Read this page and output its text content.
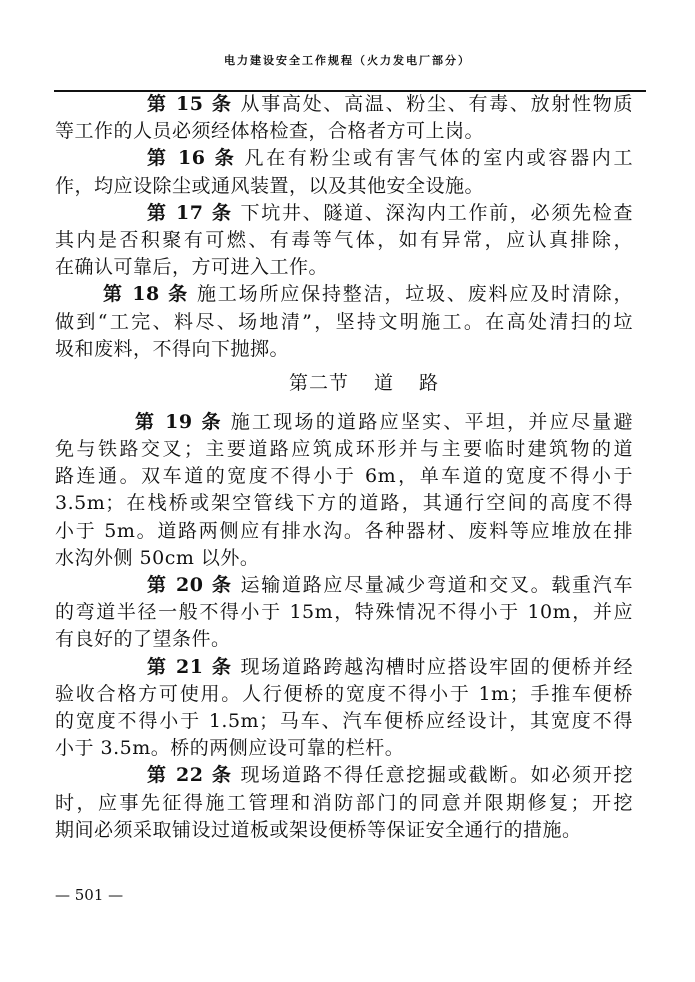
电力建设安全工作规程（火力发电厂部分）
第 15 条 从事高处、高温、粉尘、有毒、放射性物质
等工作的人员必须经体格检查，合格者方可上岗。
第 16 条 凡在有粉尘或有害气体的室内或容器内工
作，均应设除尘或通风装置，以及其他安全设施。
第 17 条 下坑井、隧道、深沟内工作前，必须先检查
其内是否积聚有可燃、有毒等气体，如有异常，应认真排除，
在确认可靠后，方可进入工作。
第 18 条 施工场所应保持整洁，垃圾、废料应及时清除，
做到“工完、料尽、场地清”，坚持文明施工。在高处清扫的垃
圾和废料，不得向下抛掷。
第二节 道 路
第 19 条 施工现场的道路应坚实、平坦，并应尽量避
免与铁路交叉；主要道路应筑成环形并与主要临时建筑物的道
路连通。双车道的宽度不得小于 6m，单车道的宽度不得小于
3.5m；在栈桥或架空管线下方的道路，其通行空间的高度不得
小于 5m。道路两侧应有排水沟。各种器材、废料等应堆放在排
水沟外侧 50cm 以外。
第 20 条 运输道路应尽量减少弯道和交叉。载重汽车
的弯道半径一般不得小于 15m，特殊情况不得小于 10m，并应
有良好的了望条件。
第 21 条 现场道路跨越沟槽时应搭设牢固的便桥并经
验收合格方可使用。人行便桥的宽度不得小于 1m；手推车便桥
的宽度不得小于 1.5m；马车、汽车便桥应经设计，其宽度不得
小于 3.5m。桥的两侧应设可靠的栏杆。
第 22 条 现场道路不得任意挖掘或截断。如必须开挖
时，应事先征得施工管理和消防部门的同意并限期修复；开挖
期间必须采取铺设过道板或架设便桥等保证安全通行的措施。
— 501 —
